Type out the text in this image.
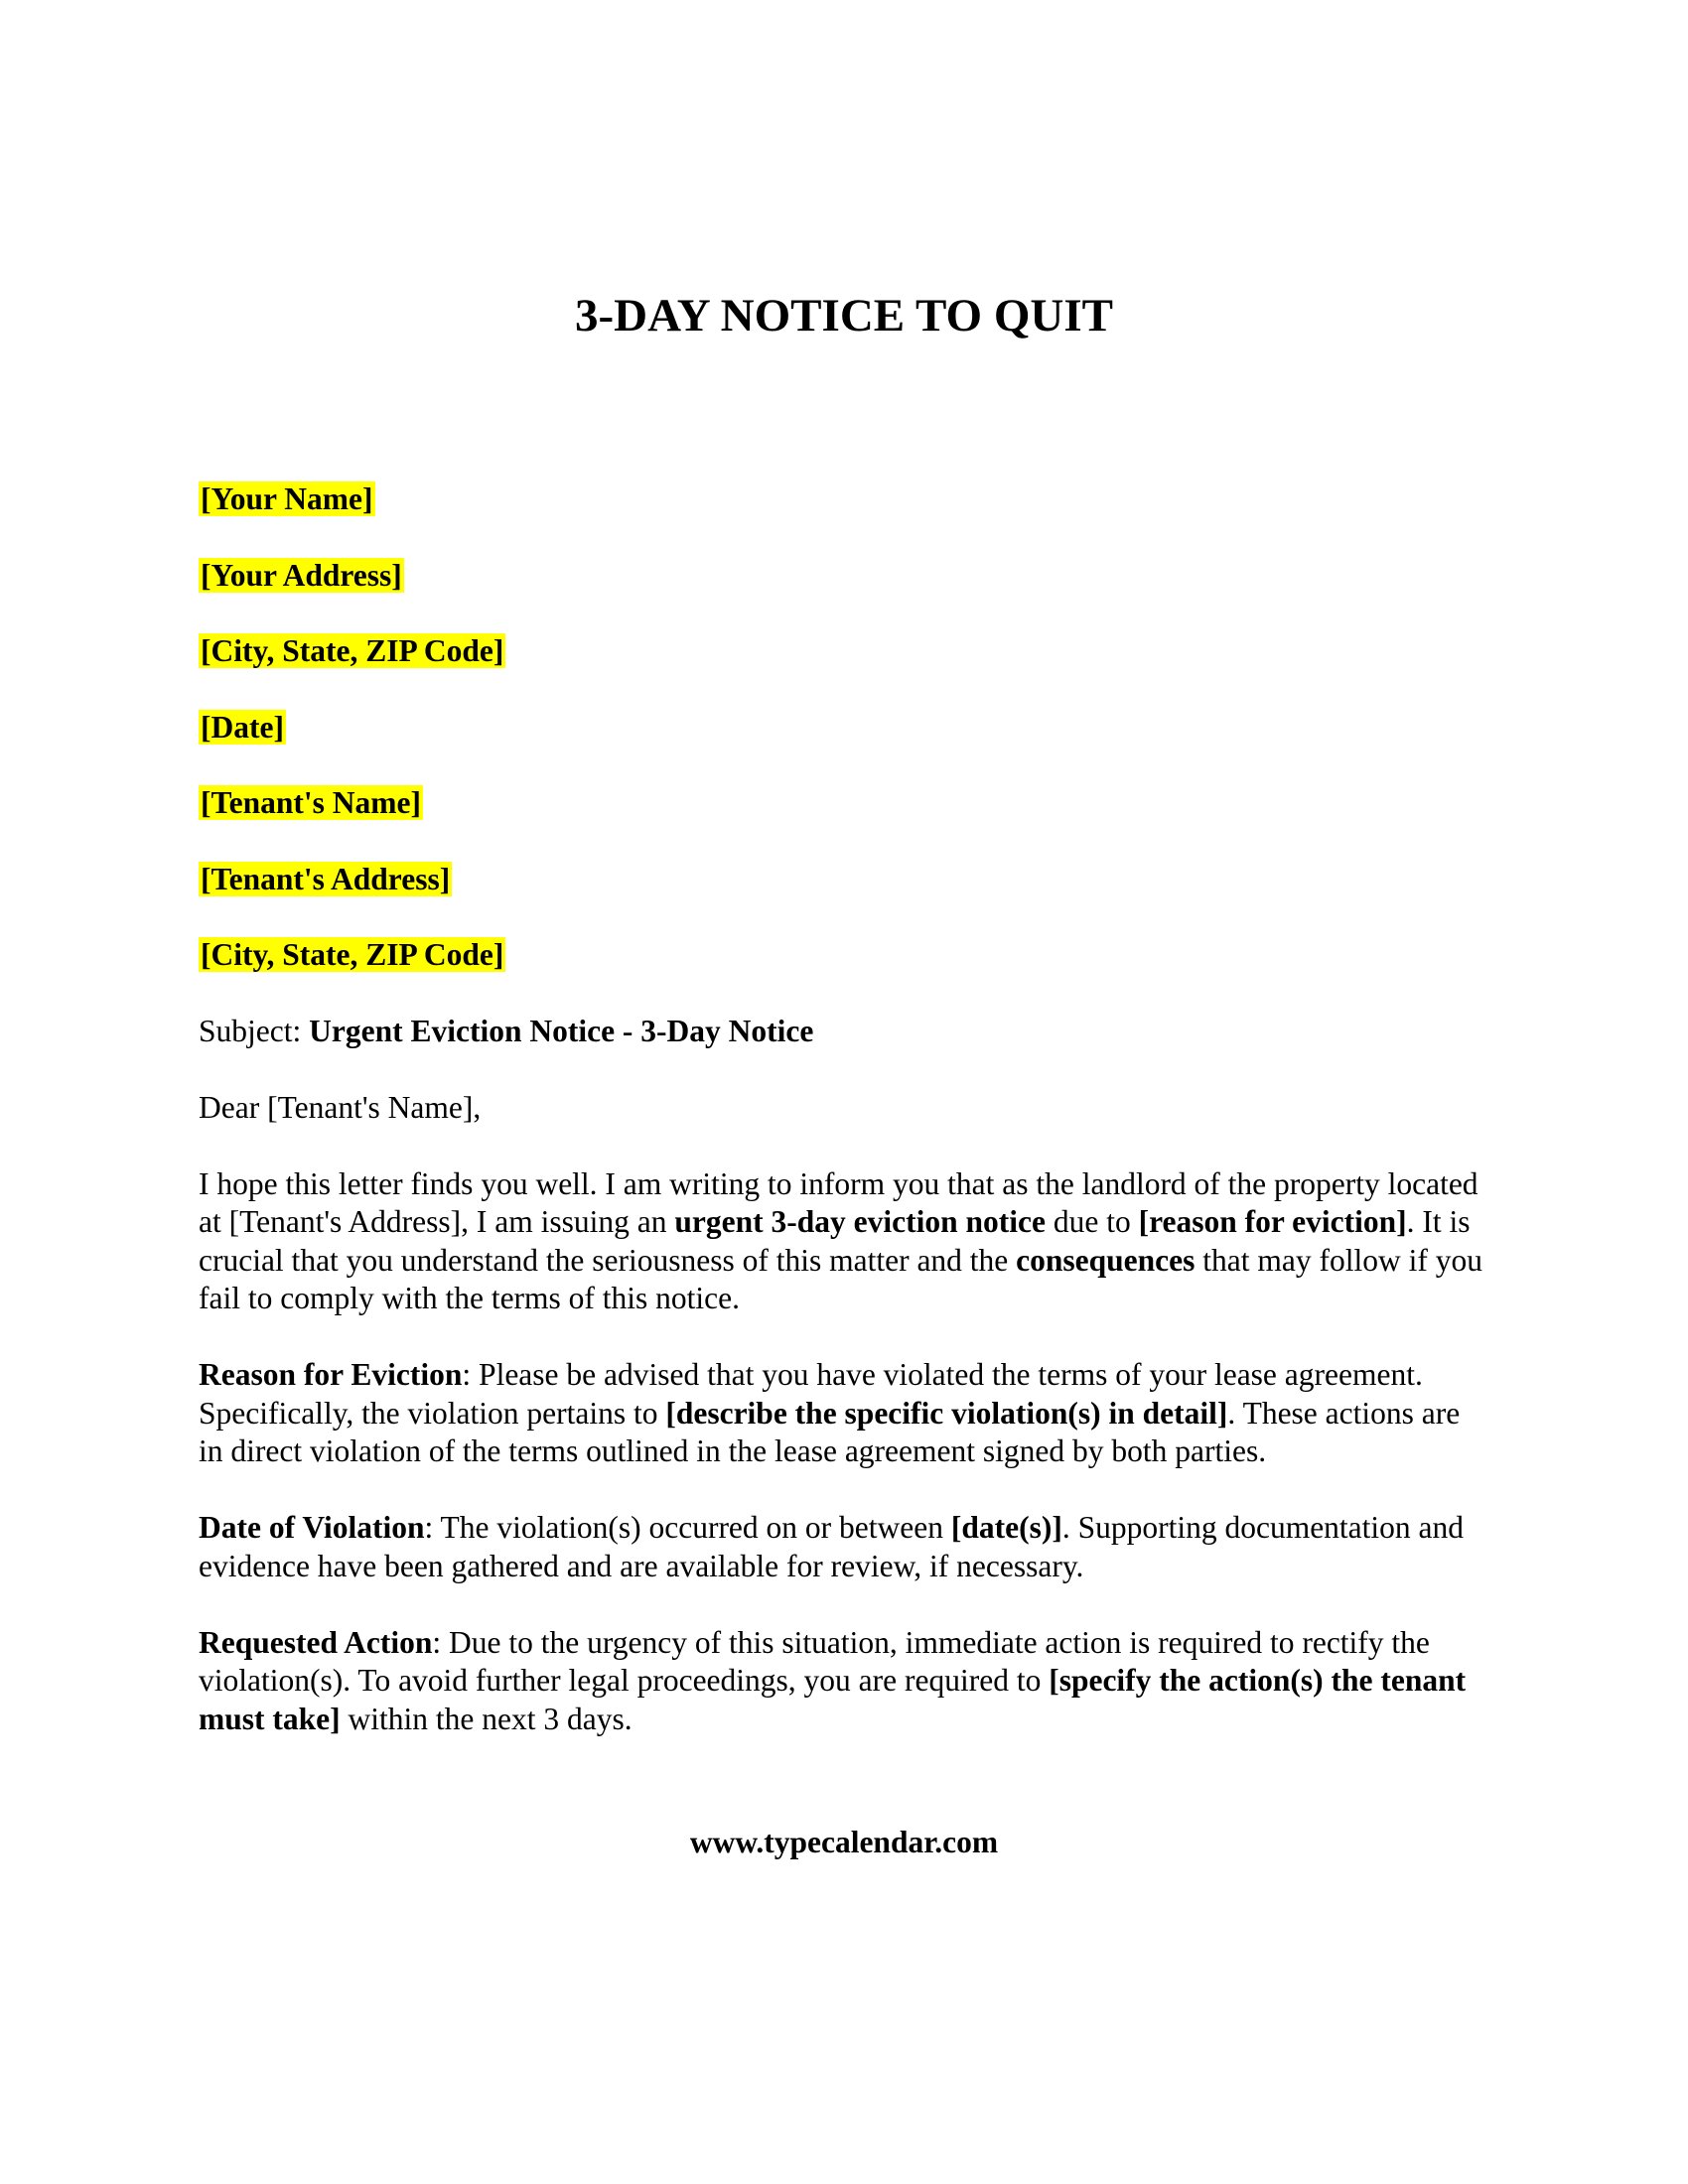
3-DAY NOTICE TO QUIT
[Your Name]
[Your Address]
[City, State, ZIP Code]
[Date]
[Tenant's Name]
[Tenant's Address]
[City, State, ZIP Code]

Subject: Urgent Eviction Notice - 3-Day Notice

Dear [Tenant's Name],

I hope this letter finds you well. I am writing to inform you that as the landlord of the property located at [Tenant's Address], I am issuing an urgent 3-day eviction notice due to [reason for eviction]. It is crucial that you understand the seriousness of this matter and the consequences that may follow if you fail to comply with the terms of this notice.

Reason for Eviction: Please be advised that you have violated the terms of your lease agreement. Specifically, the violation pertains to [describe the specific violation(s) in detail]. These actions are in direct violation of the terms outlined in the lease agreement signed by both parties.

Date of Violation: The violation(s) occurred on or between [date(s)]. Supporting documentation and evidence have been gathered and are available for review, if necessary.

Requested Action: Due to the urgency of this situation, immediate action is required to rectify the violation(s). To avoid further legal proceedings, you are required to [specify the action(s) the tenant must take] within the next 3 days.

www.typecalendar.com
